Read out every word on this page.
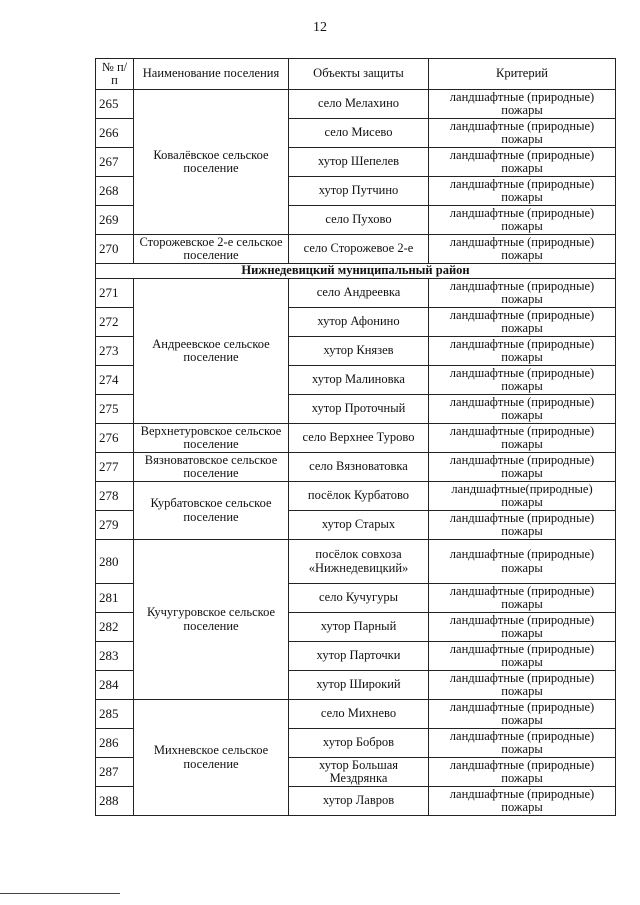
12
№ п/п	Наименование поселения	Объекты защиты	Критерий
265	Ковалёвское сельское поселение	село Мелахино	ландшафтные (природные) пожары
266		село Мисево	ландшафтные (природные) пожары
267		хутор Шепелев	ландшафтные (природные) пожары
268		хутор Путчино	ландшафтные (природные) пожары
269		село Пухово	ландшафтные (природные) пожары
270	Сторожевское 2-е сельское поселение	село Сторожевое 2-е	ландшафтные (природные) пожары
Нижнедевицкий муниципальный район			
271	Андреевское сельское поселение	село Андреевка	ландшафтные (природные) пожары
272		хутор Афонино	ландшафтные (природные) пожары
273		хутор Князев	ландшафтные (природные) пожары
274		хутор Малиновка	ландшафтные (природные) пожары
275		хутор Проточный	ландшафтные (природные) пожары
276	Верхнетуровское сельское поселение	село Верхнее Турово	ландшафтные (природные) пожары
277	Вязноватовское сельское поселение	село Вязноватовка	ландшафтные (природные) пожары
278	Курбатовское сельское поселение	посёлок Курбатово	ландшафтные(природные) пожары
279		хутор Старых	ландшафтные (природные) пожары
280	Кучугуровское сельское поселение	посёлок совхоза «Нижнедевицкий»	ландшафтные (природные) пожары
281		село Кучугуры	ландшафтные (природные) пожары
282		хутор Парный	ландшафтные (природные) пожары
283		хутор Парточки	ландшафтные (природные) пожары
284		хутор Широкий	ландшафтные (природные) пожары
285	Михневское сельское поселение	село Михнево	ландшафтные (природные) пожары
286		хутор Бобров	ландшафтные (природные) пожары
287		хутор Большая Мездрянка	ландшафтные (природные) пожары
288		хутор Лавров	ландшафтные (природные) пожары
